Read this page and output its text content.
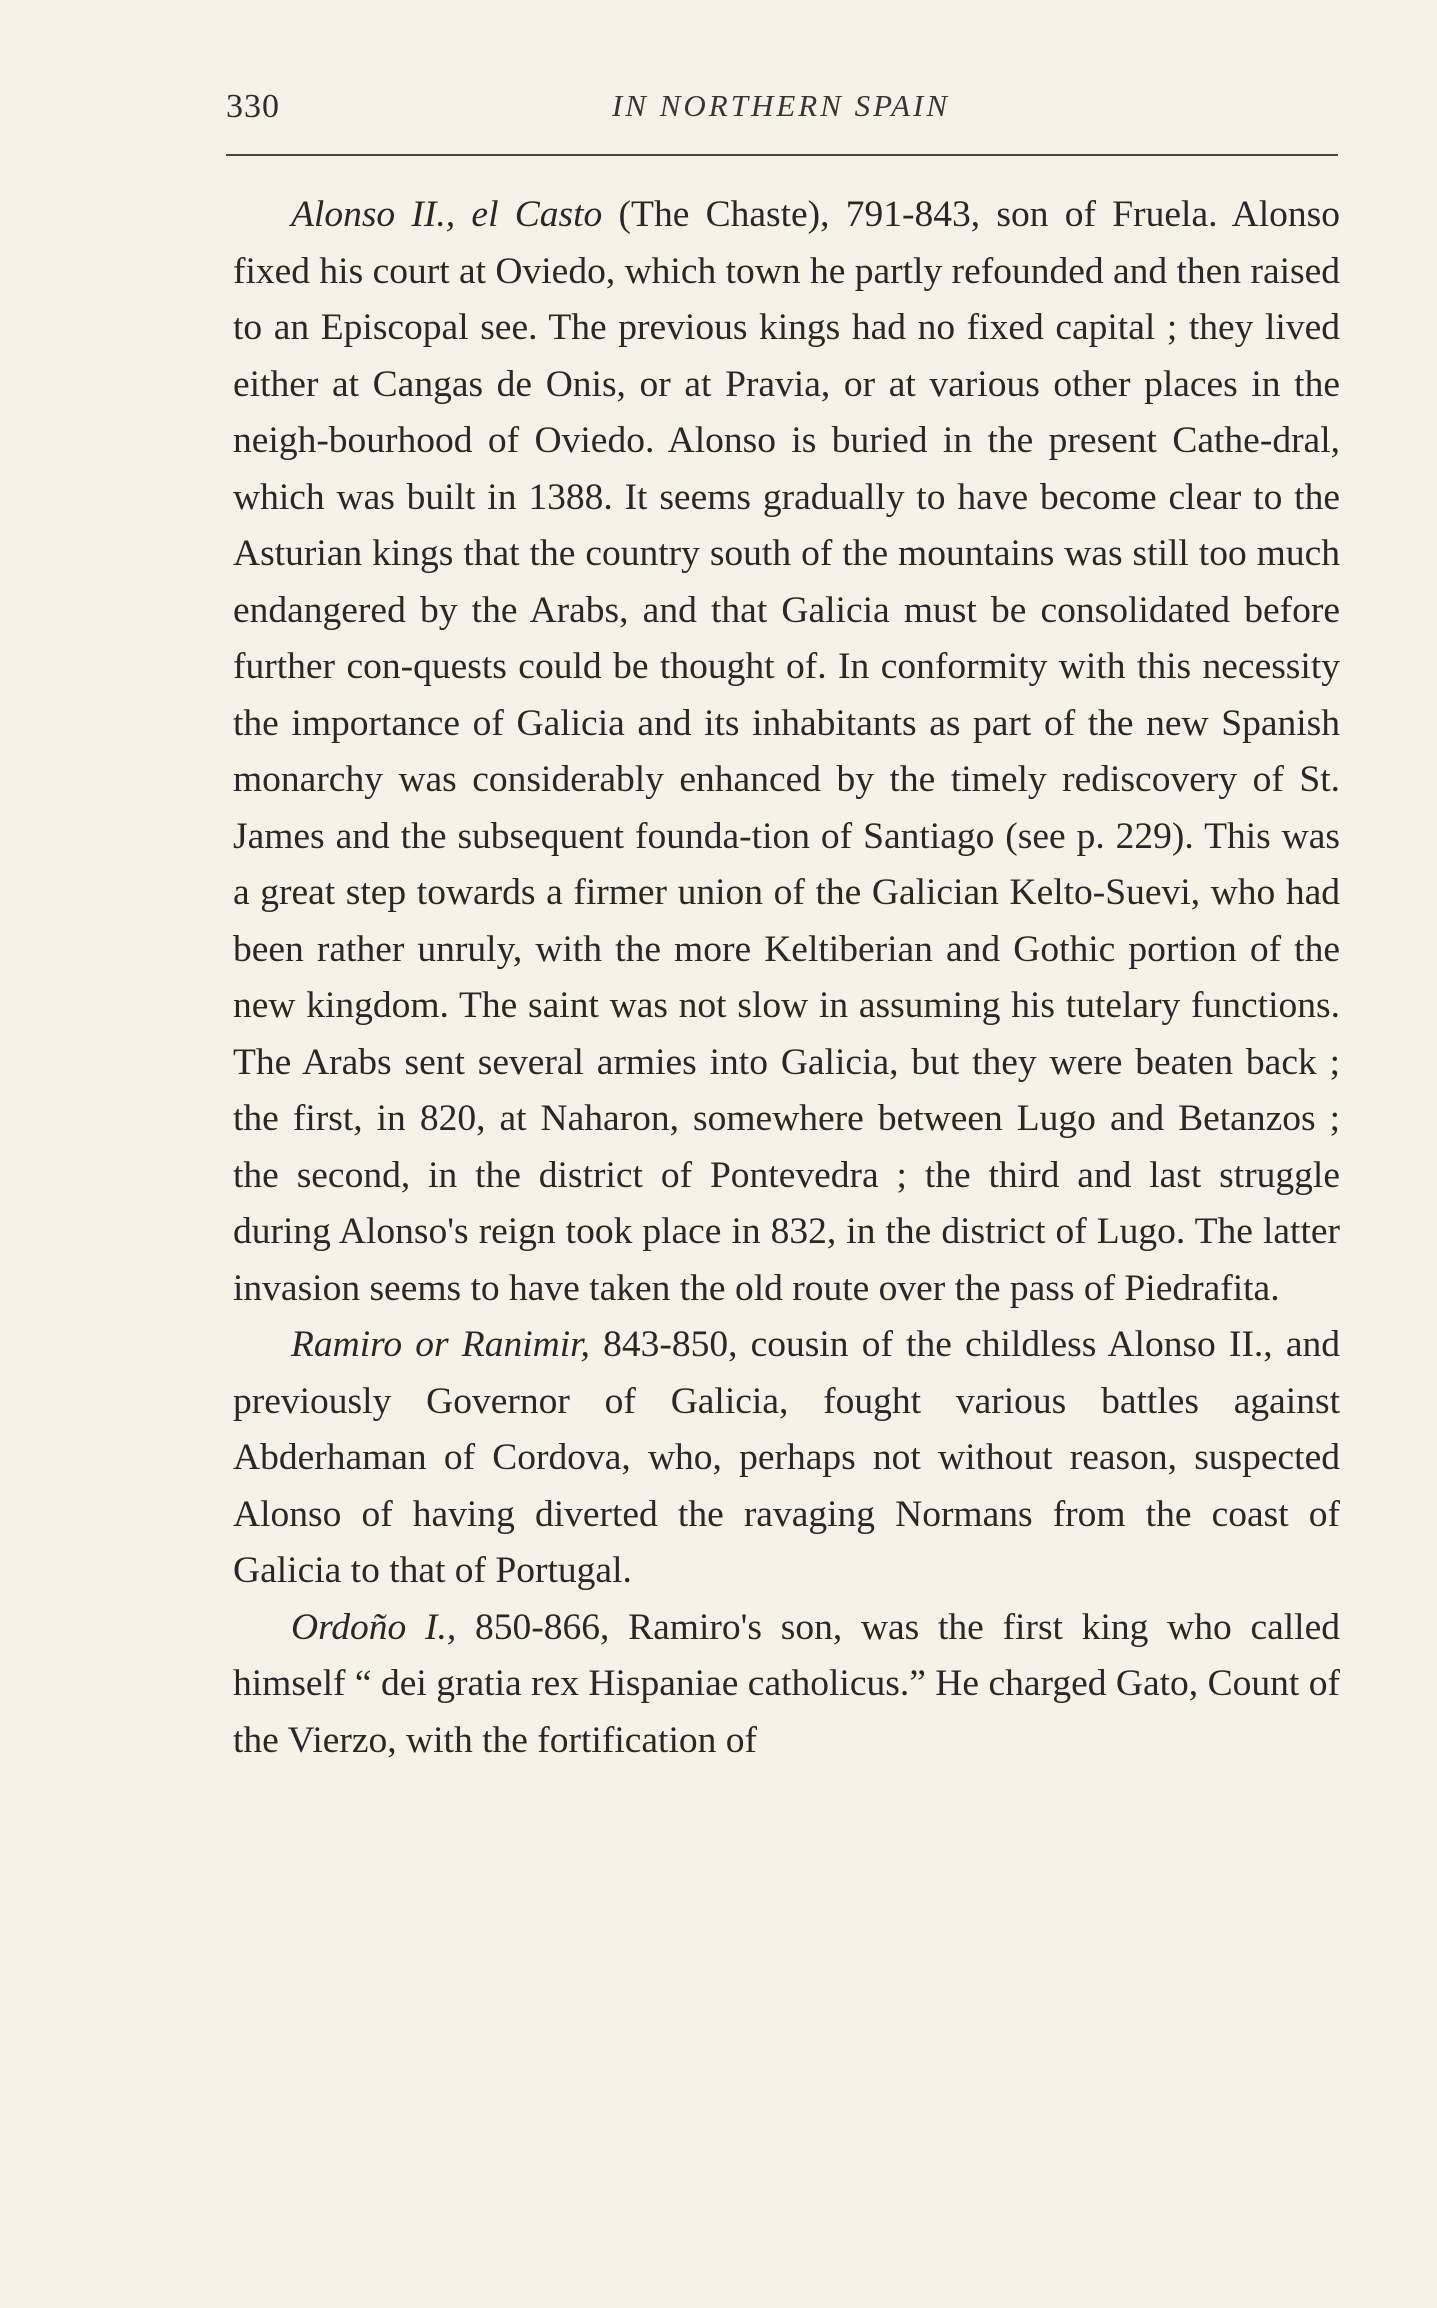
330	IN NORTHERN SPAIN

Alonso II., el Casto (The Chaste), 791-843, son of Fruela. Alonso fixed his court at Oviedo, which town he partly refounded and then raised to an Episcopal see. The previous kings had no fixed capital ; they lived either at Cangas de Onis, or at Pravia, or at various other places in the neigh-bourhood of Oviedo. Alonso is buried in the present Cathe-dral, which was built in 1388. It seems gradually to have become clear to the Asturian kings that the country south of the mountains was still too much endangered by the Arabs, and that Galicia must be consolidated before further con-quests could be thought of. In conformity with this necessity the importance of Galicia and its inhabitants as part of the new Spanish monarchy was considerably enhanced by the timely rediscovery of St. James and the subsequent founda-tion of Santiago (see p. 229). This was a great step towards a firmer union of the Galician Kelto-Suevi, who had been rather unruly, with the more Keltiberian and Gothic portion of the new kingdom. The saint was not slow in assuming his tutelary functions. The Arabs sent several armies into Galicia, but they were beaten back ; the first, in 820, at Naharon, somewhere between Lugo and Betanzos ; the second, in the district of Pontevedra ; the third and last struggle during Alonso's reign took place in 832, in the district of Lugo. The latter invasion seems to have taken the old route over the pass of Piedrafita.

Ramiro or Ranimir, 843-850, cousin of the childless Alonso II., and previously Governor of Galicia, fought various battles against Abderhaman of Cordova, who, perhaps not without reason, suspected Alonso of having diverted the ravaging Normans from the coast of Galicia to that of Portugal.

Ordoño I., 850-866, Ramiro's son, was the first king who called himself “ dei gratia rex Hispaniae catholicus.” He charged Gato, Count of the Vierzo, with the fortification of
